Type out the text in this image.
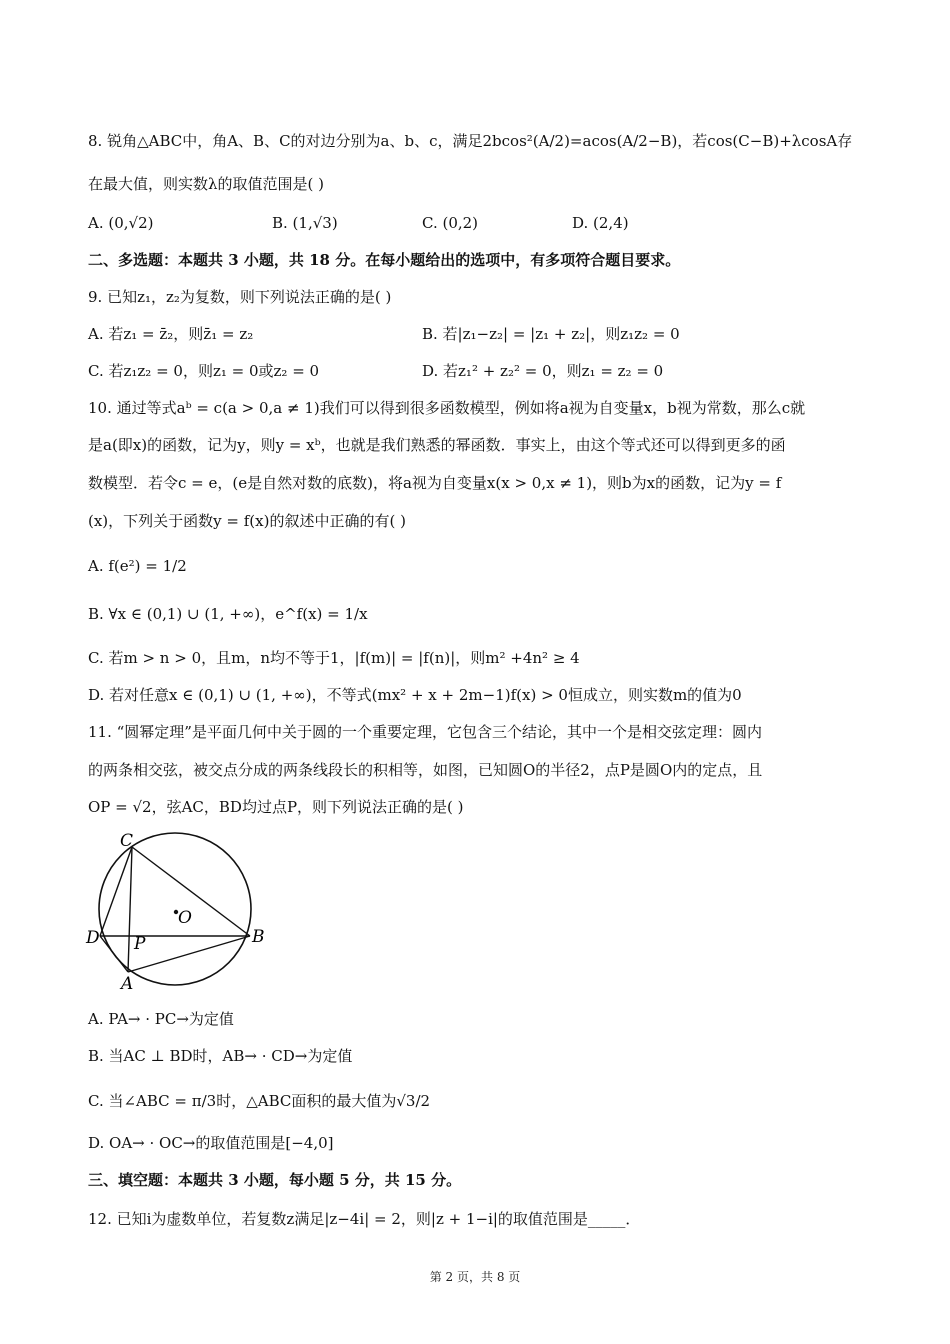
8. 锐角△ABC中，角A、B、C的对边分别为a、b、c，满足2bcos²(A/2)=acos(A/2−B)，若cos(C−B)+λcosA存
在最大值，则实数λ的取值范围是( )
A. (0,√2)	B. (1,√3)	C. (0,2)	D. (2,4)
二、多选题：本题共 3 小题，共 18 分。在每小题给出的选项中，有多项符合题目要求。
9. 已知z₁，z₂为复数，则下列说法正确的是( )
A. 若z₁ = z̄₂，则z̄₁ = z₂	B. 若|z₁−z₂| = |z₁ + z₂|，则z₁z₂ = 0
C. 若z₁z₂ = 0，则z₁ = 0或z₂ = 0	D. 若z₁² + z₂² = 0，则z₁ = z₂ = 0
10. 通过等式aᵇ = c(a > 0,a ≠ 1)我们可以得到很多函数模型，例如将a视为自变量x，b视为常数，那么c就
是a(即x)的函数，记为y，则y = xᵇ，也就是我们熟悉的幂函数．事实上，由这个等式还可以得到更多的函
数模型．若令c = e，(e是自然对数的底数)，将a视为自变量x(x > 0,x ≠ 1)，则b为x的函数，记为y = f
(x)，下列关于函数y = f(x)的叙述中正确的有( )
A. f(e²) = 1/2
B. ∀x ∈ (0,1) ∪ (1, +∞)，e^f(x) = 1/x
C. 若m > n > 0，且m，n均不等于1，|f(m)| = |f(n)|，则m² +4n² ≥ 4
D. 若对任意x ∈ (0,1) ∪ (1, +∞)，不等式(mx² + x + 2m−1)f(x) > 0恒成立，则实数m的值为0
11. “圆幂定理”是平面几何中关于圆的一个重要定理，它包含三个结论，其中一个是相交弦定理：圆内
的两条相交弦，被交点分成的两条线段长的积相等，如图，已知圆O的半径2，点P是圆O内的定点，且
OP = √2，弦AC，BD均过点P，则下列说法正确的是( )
C
O
D P	B
A
A. PA→ · PC→为定值
B. 当AC ⊥ BD时，AB→ · CD→为定值
C. 当∠ABC = π/3时，△ABC面积的最大值为√3/2
D. OA→ · OC→的取值范围是[−4,0]
三、填空题：本题共 3 小题，每小题 5 分，共 15 分。
12. 已知i为虚数单位，若复数z满足|z−4i| = 2，则|z + 1−i|的取值范围是_____．
第 2 页，共 8 页
